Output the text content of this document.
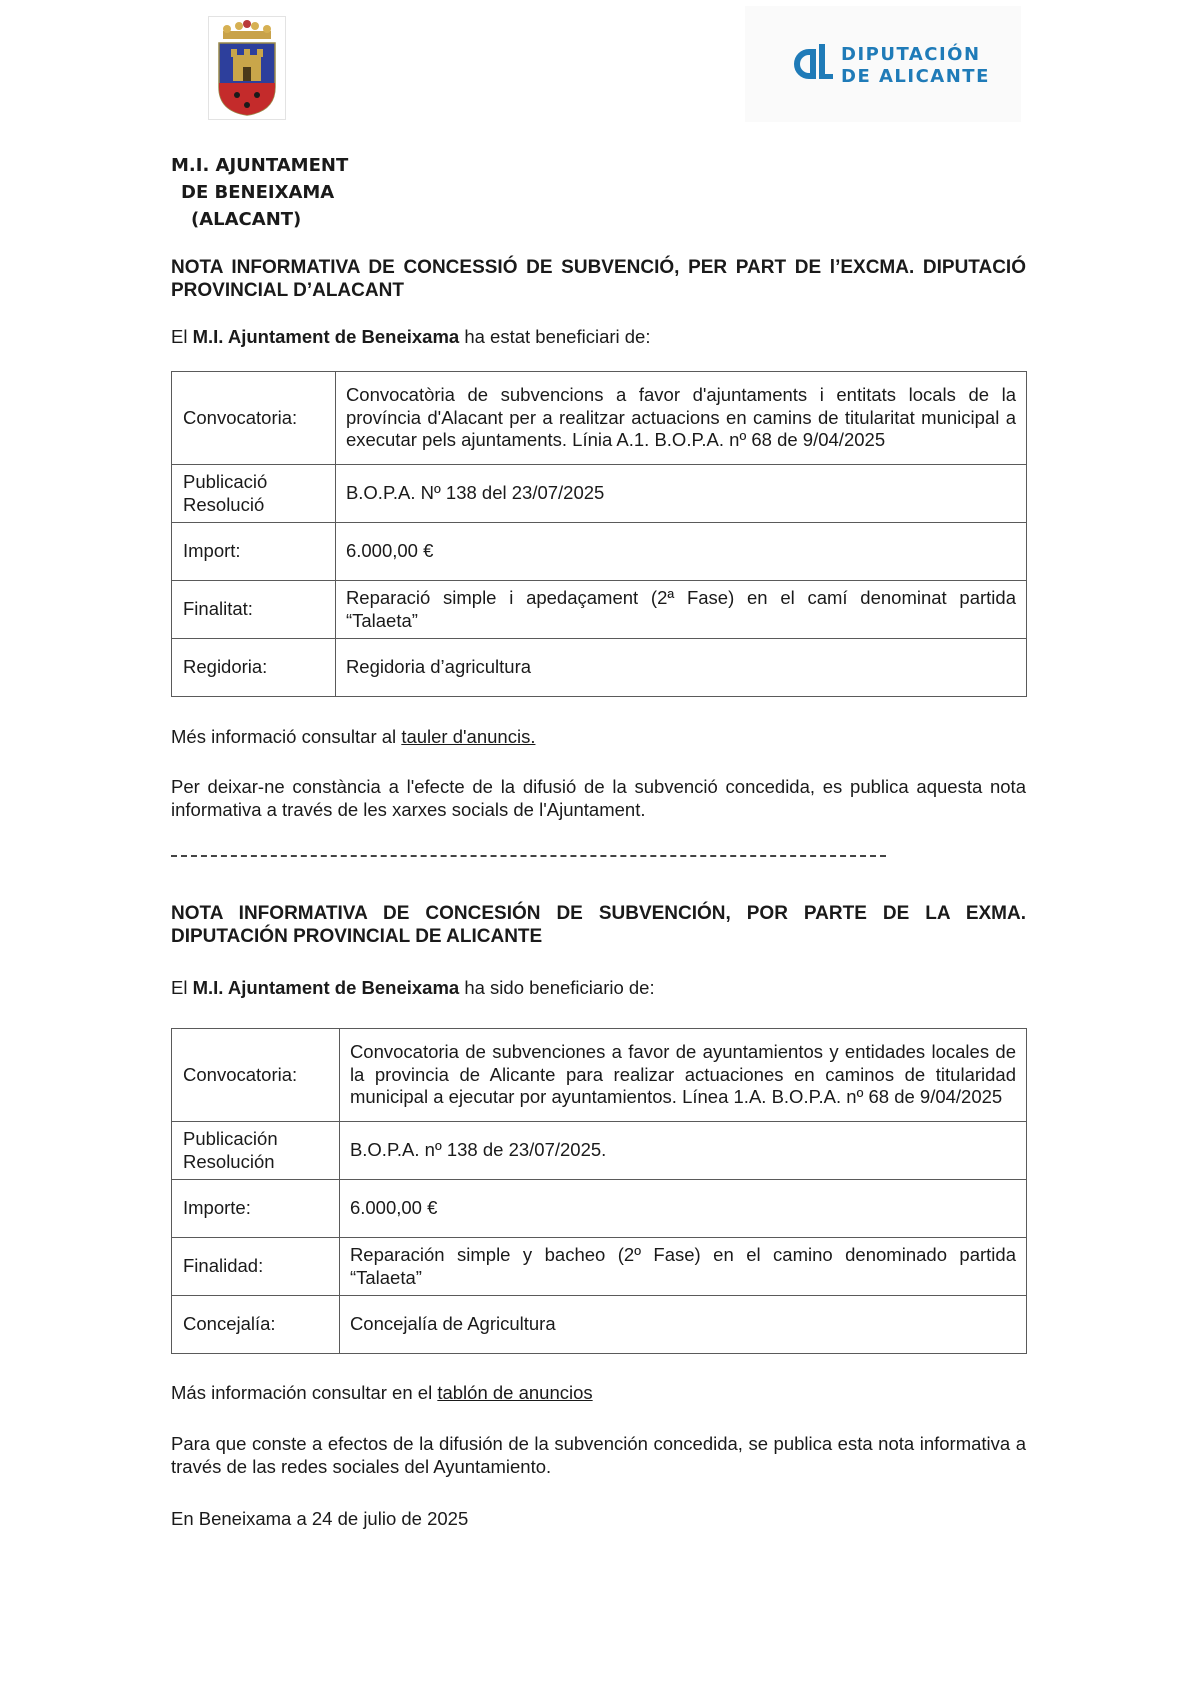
DIPUTACIÓN
DE ALICANTE
M.I. AJUNTAMENT
DE BENEIXAMA
(ALACANT)
NOTA INFORMATIVA DE CONCESSIÓ DE SUBVENCIÓ, PER PART DE l’EXCMA. DIPUTACIÓ PROVINCIAL D’ALACANT
El M.I. Ajuntament de Beneixama ha estat beneficiari de:
Convocatoria:	Convocatòria de subvencions a favor d'ajuntaments i entitats locals de la província d'Alacant per a realitzar actuacions en camins de titularitat municipal a executar pels ajuntaments. Línia A.1. B.O.P.A. nº 68 de 9/04/2025
Publicació Resolució	B.O.P.A. Nº 138 del 23/07/2025
Import:	6.000,00 €
Finalitat:	Reparació simple i apedaçament (2ª Fase) en el camí denominat partida “Talaeta”
Regidoria:	Regidoria d’agricultura
Més informació consultar al tauler d'anuncis.
Per deixar-ne constància a l'efecte de la difusió de la subvenció concedida, es publica aquesta nota informativa a través de les xarxes socials de l'Ajuntament.
NOTA INFORMATIVA DE CONCESIÓN DE SUBVENCIÓN, POR PARTE DE LA EXMA. DIPUTACIÓN PROVINCIAL DE ALICANTE
El M.I. Ajuntament de Beneixama ha sido beneficiario de:
Convocatoria:	Convocatoria de subvenciones a favor de ayuntamientos y entidades locales de la provincia de Alicante para realizar actuaciones en caminos de titularidad municipal a ejecutar por ayuntamientos. Línea 1.A. B.O.P.A. nº 68 de 9/04/2025
Publicación Resolución	B.O.P.A. nº 138 de 23/07/2025.
Importe:	6.000,00 €
Finalidad:	Reparación simple y bacheo (2º Fase) en el camino denominado partida “Talaeta”
Concejalía:	Concejalía de Agricultura
Más información consultar en el tablón de anuncios
Para que conste a efectos de la difusión de la subvención concedida, se publica esta nota informativa a través de las redes sociales del Ayuntamiento.
En Beneixama a 24 de julio de 2025
